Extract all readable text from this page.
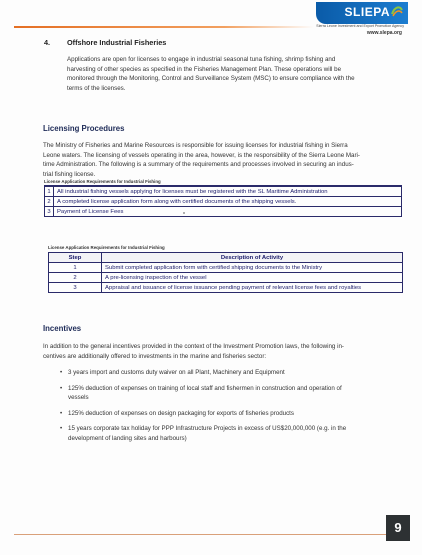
SLIEPA
Sierra Leone Investment and Export Promotion Agency
www.slepa.org
4. Offshore Industrial Fisheries
Applications are open for licenses to engage in industrial seasonal tuna fishing, shrimp fishing and
harvesting of other species as specified in the Fisheries Management Plan. These operations will be
monitored through the Monitoring, Control and Surveillance System (MSC) to ensure compliance with the
terms of the licenses.
Licensing Procedures
The Ministry of Fisheries and Marine Resources is responsible for issuing licenses for industrial fishing in Sierra
Leone waters. The licensing of vessels operating in the area, however, is the responsibility of the Sierra Leone Mari-
time Administration. The following is a summary of the requirements and processes involved in securing an indus-
trial fishing license.
License Application Requirements for Industrial Fishing
1	All industrial fishing vessels applying for licenses must be registered with the SL Maritime Administration
2	A completed license application form along with certified documents of the shipping vessels.
3	Payment of License Fees
License Application Requirements for Industrial Fishing
Step	Description of Activity
1	Submit completed application form with certified shipping documents to the Ministry
2	A pre-licensing inspection of the vessel
3	Appraisal and issuance of license issuance pending payment of relevant license fees and royalties
Incentives
In addition to the general incentives provided in the context of the Investment Promotion laws, the following in-
centives are additionally offered to investments in the marine and fisheries sector:
• 3 years import and customs duty waiver on all Plant, Machinery and Equipment
• 125% deduction of expenses on training of local staff and fishermen in construction and operation of
vessels
• 125% deduction of expenses on design packaging for exports of fisheries products
• 15 years corporate tax holiday for PPP Infrastructure Projects in excess of US$20,000,000 (e.g. in the
development of landing sites and harbours)
9
